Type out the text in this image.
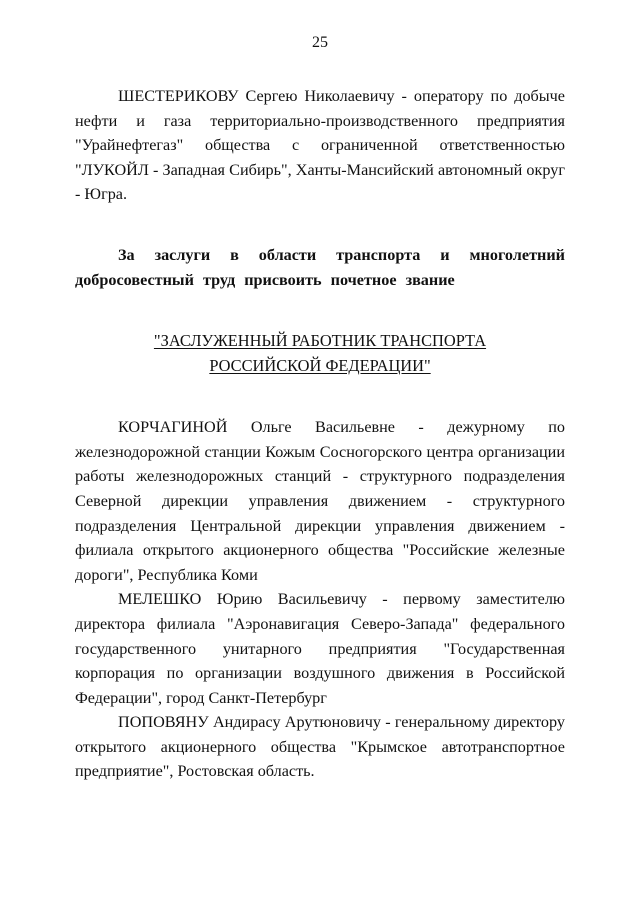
25

ШЕСТЕРИКОВУ Сергею Николаевичу - оператору по добыче нефти и газа территориально-производственного предприятия "Урайнефтегаз" общества с ограниченной ответственностью "ЛУКОЙЛ - Западная Сибирь", Ханты-Мансийский автономный округ - Югра.

За заслуги в области транспорта и многолетний добросовестный труд присвоить почетное звание

"ЗАСЛУЖЕННЫЙ РАБОТНИК ТРАНСПОРТА
РОССИЙСКОЙ ФЕДЕРАЦИИ"

КОРЧАГИНОЙ Ольге Васильевне - дежурному по железнодорожной станции Кожым Сосногорского центра организации работы железнодорожных станций - структурного подразделения Северной дирекции управления движением - структурного подразделения Центральной дирекции управления движением - филиала открытого акционерного общества "Российские железные дороги", Республика Коми

МЕЛЕШКО Юрию Васильевичу - первому заместителю директора филиала "Аэронавигация Северо-Запада" федерального государственного унитарного предприятия "Государственная корпорация по организации воздушного движения в Российской Федерации", город Санкт-Петербург

ПОПОВЯНУ Андирасу Арутюновичу - генеральному директору открытого акционерного общества "Крымское автотранспортное предприятие", Ростовская область.
